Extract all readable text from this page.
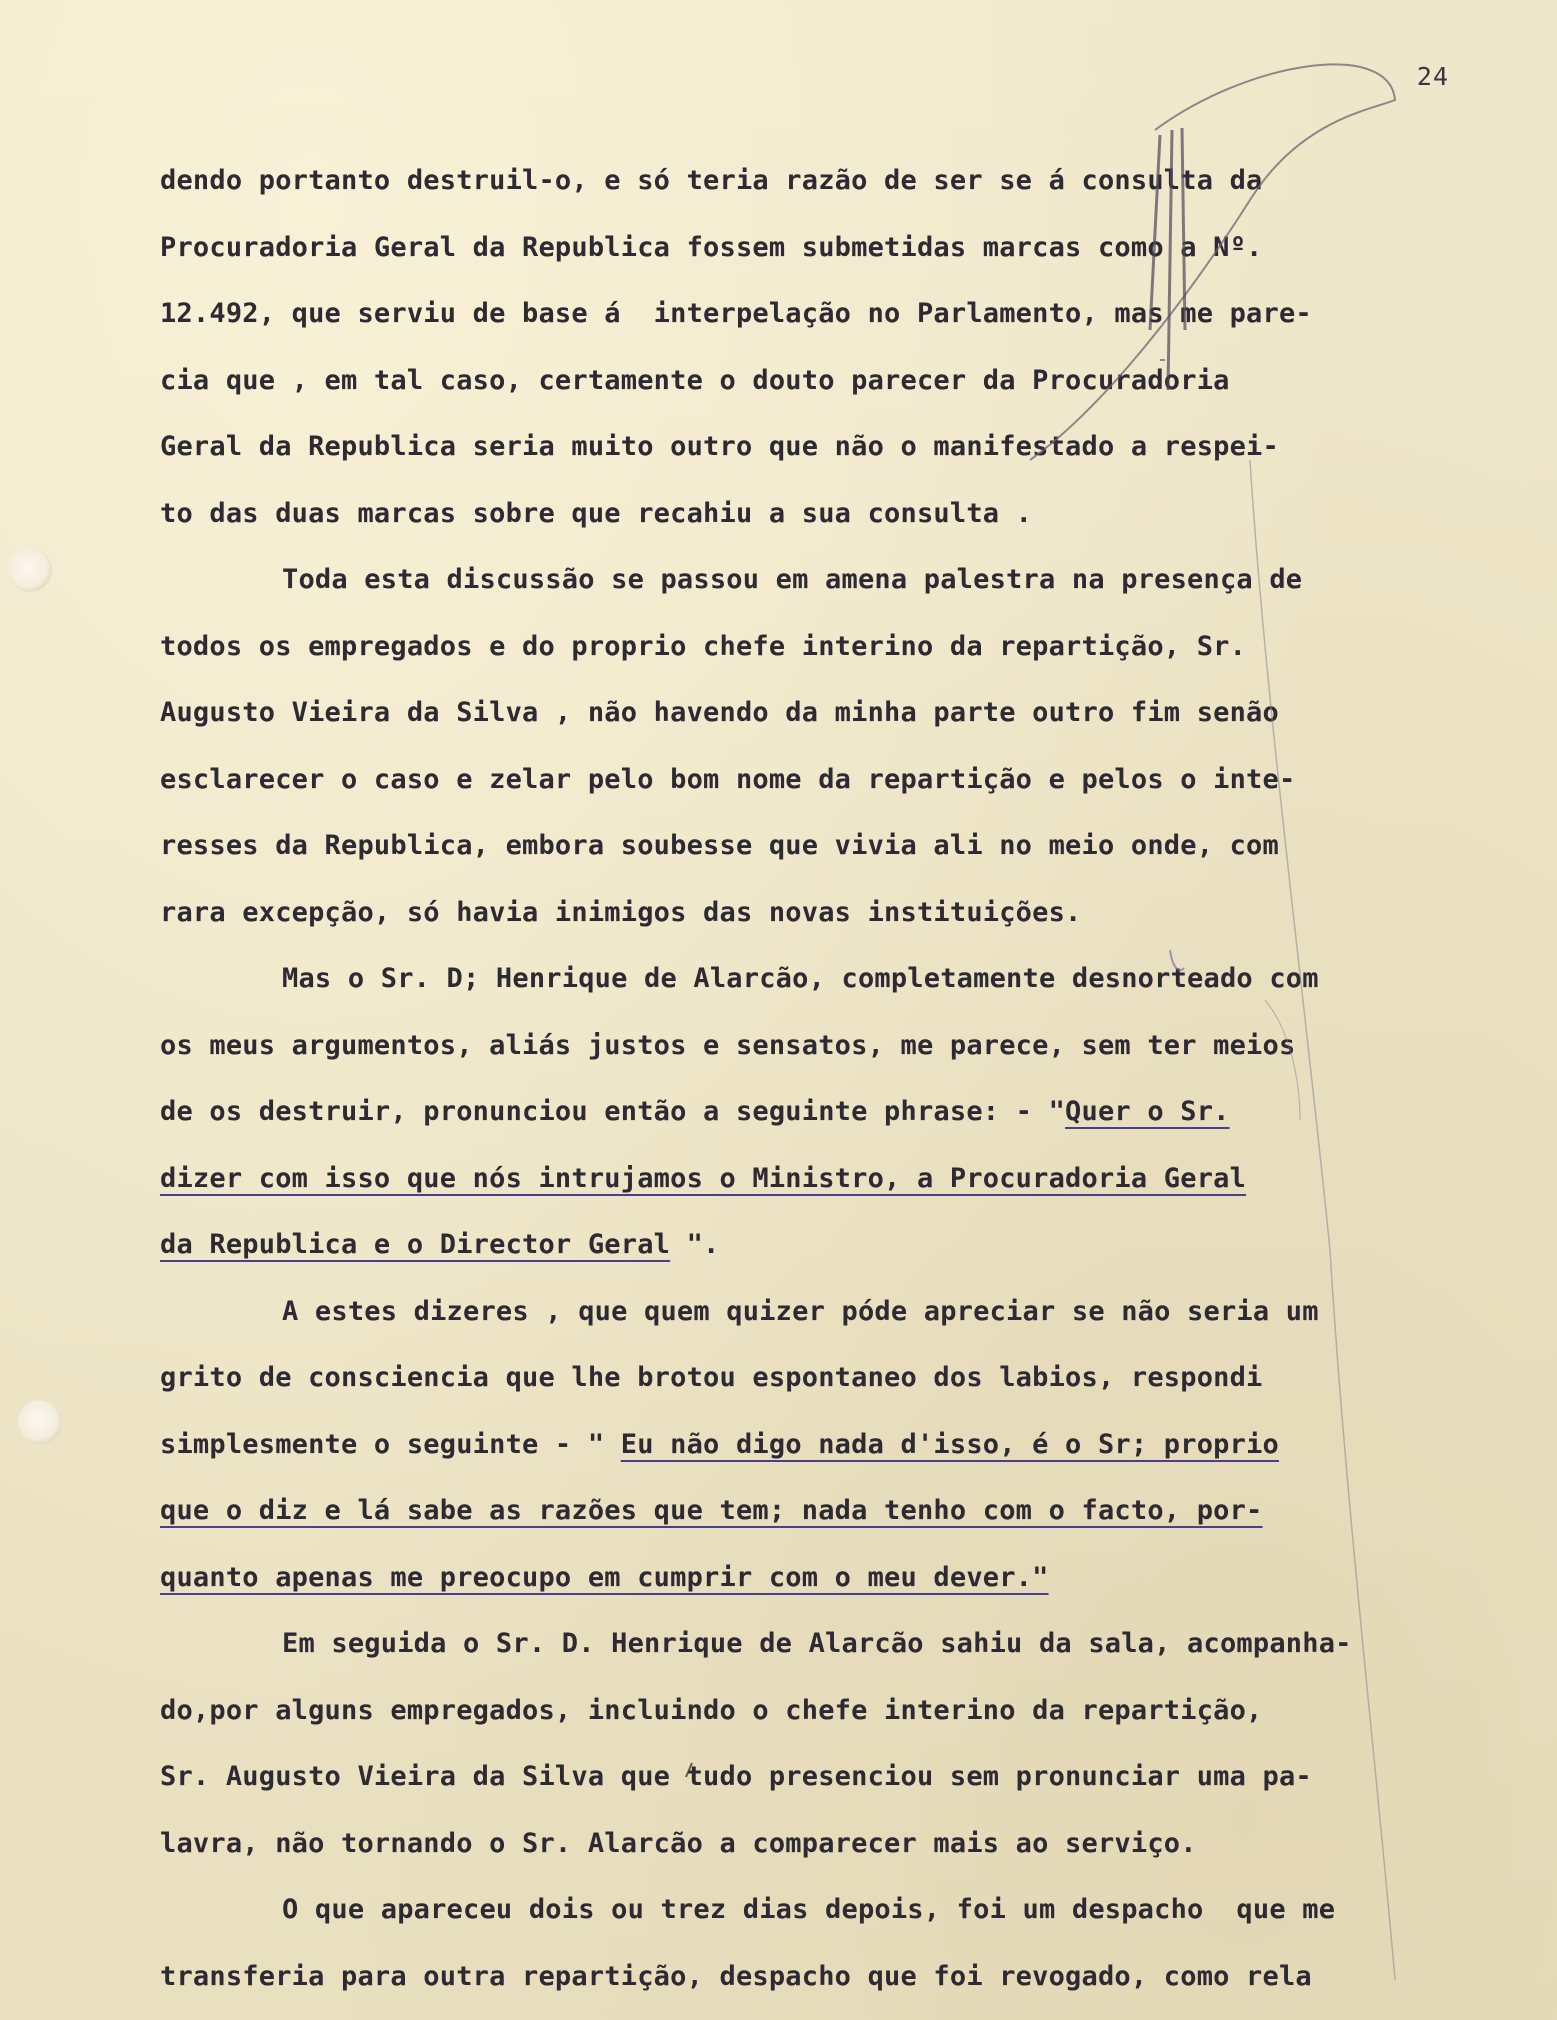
24
dendo portanto destruil-o, e só teria razão de ser se á consulta da
Procuradoria Geral da Republica fossem submetidas marcas como a Nº.
12.492, que serviu de base á  interpelação no Parlamento, mas me pare-
cia que , em tal caso, certamente o douto parecer da Procuradoria
Geral da Republica seria muito outro que não o manifestado a respei-
to das duas marcas sobre que recahiu a sua consulta .
Toda esta discussão se passou em amena palestra na presença de
todos os empregados e do proprio chefe interino da repartição, Sr.
Augusto Vieira da Silva , não havendo da minha parte outro fim senão
esclarecer o caso e zelar pelo bom nome da repartição e pelos o inte-
resses da Republica, embora soubesse que vivia ali no meio onde, com
rara excepção, só havia inimigos das novas instituições.
Mas o Sr. D; Henrique de Alarcão, completamente desnorteado com
os meus argumentos, aliás justos e sensatos, me parece, sem ter meios
de os destruir, pronunciou então a seguinte phrase: - "Quer o Sr.
dizer com isso que nós intrujamos o Ministro, a Procuradoria Geral
da Republica e o Director Geral ".
A estes dizeres , que quem quizer póde apreciar se não seria um
grito de consciencia que lhe brotou espontaneo dos labios, respondi
simplesmente o seguinte - " Eu não digo nada d'isso, é o Sr; proprio
que o diz e lá sabe as razões que tem; nada tenho com o facto, por-
quanto apenas me preocupo em cumprir com o meu dever."
Em seguida o Sr. D. Henrique de Alarcão sahiu da sala, acompanha-
do,por alguns empregados, incluindo o chefe interino da repartição,
Sr. Augusto Vieira da Silva que tudo presenciou sem pronunciar uma pa-
lavra, não tornando o Sr. Alarcão a comparecer mais ao serviço.
O que apareceu dois ou trez dias depois, foi um despacho  que me
transferia para outra repartição, despacho que foi revogado, como rela
